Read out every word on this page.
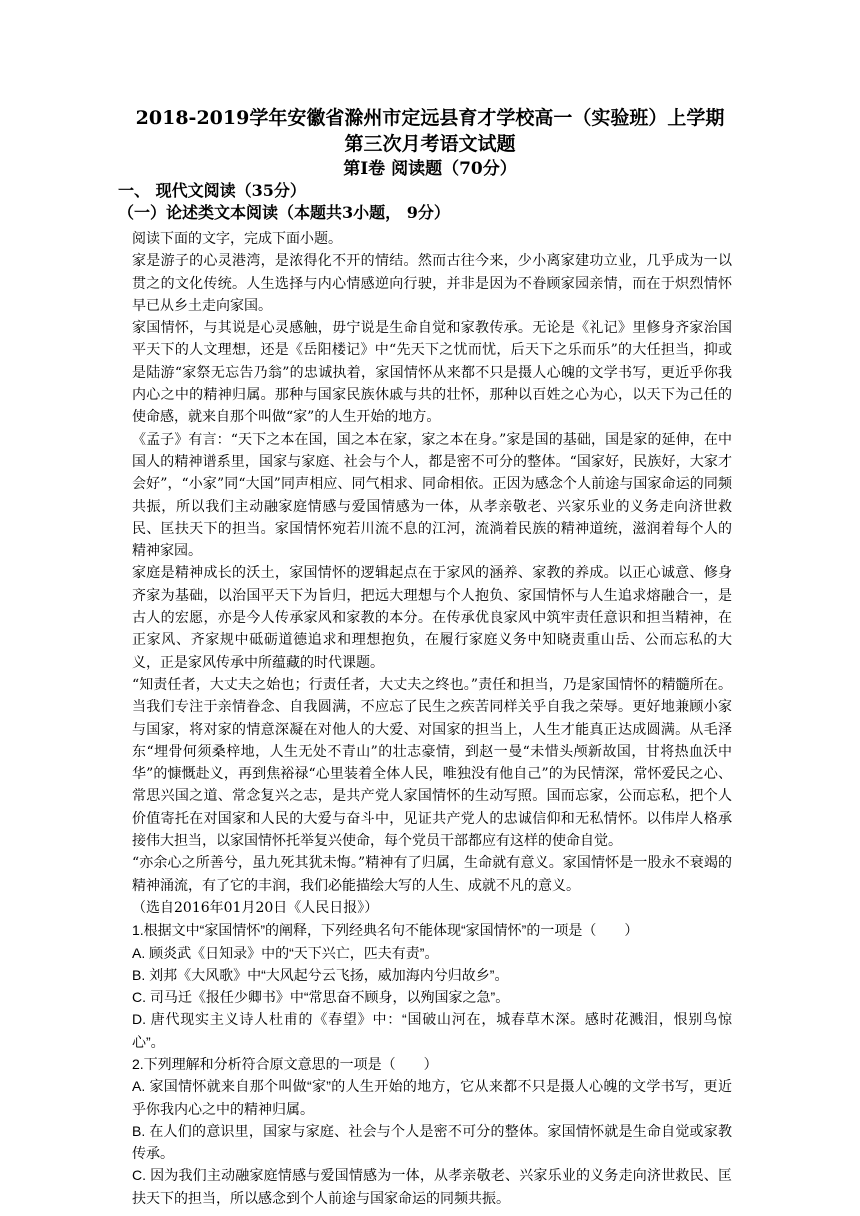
2018-2019学年安徽省滁州市定远县育才学校高一（实验班）上学期
第三次月考语文试题
第Ⅰ卷 阅读题（70分）
一、 现代文阅读（35分）
（一）论述类文本阅读（本题共3小题， 9分）

阅读下面的文字，完成下面小题。

家是游子的心灵港湾，是浓得化不开的情结。然而古往今来，少小离家建功立业，几乎成为一以贯之的文化传统。人生选择与内心情感逆向行驶，并非是因为不眷顾家园亲情，而在于炽烈情怀早已从乡土走向家国。

家国情怀，与其说是心灵感触，毋宁说是生命自觉和家教传承。无论是《礼记》里修身齐家治国平天下的人文理想，还是《岳阳楼记》中“先天下之忧而忧，后天下之乐而乐”的大任担当，抑或是陆游“家祭无忘告乃翁”的忠诚执着，家国情怀从来都不只是摄人心魄的文学书写，更近乎你我内心之中的精神归属。那种与国家民族休戚与共的壮怀，那种以百姓之心为心，以天下为己任的使命感，就来自那个叫做“家”的人生开始的地方。

《孟子》有言：“天下之本在国，国之本在家，家之本在身。”家是国的基础，国是家的延伸，在中国人的精神谱系里，国家与家庭、社会与个人，都是密不可分的整体。“国家好，民族好，大家才会好”，“小家”同“大国”同声相应、同气相求、同命相依。正因为感念个人前途与国家命运的同频共振，所以我们主动融家庭情感与爱国情感为一体，从孝亲敬老、兴家乐业的义务走向济世救民、匡扶天下的担当。家国情怀宛若川流不息的江河，流淌着民族的精神道统，滋润着每个人的精神家园。

家庭是精神成长的沃土，家国情怀的逻辑起点在于家风的涵养、家教的养成。以正心诚意、修身齐家为基础，以治国平天下为旨归，把远大理想与个人抱负、家国情怀与人生追求熔融合一，是古人的宏愿，亦是今人传承家风和家教的本分。在传承优良家风中筑牢责任意识和担当精神，在正家风、齐家规中砥砺道德追求和理想抱负，在履行家庭义务中知晓责重山岳、公而忘私的大义，正是家风传承中所蕴藏的时代课题。

“知责任者，大丈夫之始也；行责任者，大丈夫之终也。”责任和担当，乃是家国情怀的精髓所在。当我们专注于亲情眷念、自我圆满，不应忘了民生之疾苦同样关乎自我之荣辱。更好地兼顾小家与国家，将对家的情意深凝在对他人的大爱、对国家的担当上，人生才能真正达成圆满。从毛泽东“埋骨何须桑梓地，人生无处不青山”的壮志豪情，到赵一曼“未惜头颅新故国，甘将热血沃中华”的慷慨赴义，再到焦裕禄“心里装着全体人民，唯独没有他自己”的为民情深，常怀爱民之心、常思兴国之道、常念复兴之志，是共产党人家国情怀的生动写照。国而忘家，公而忘私，把个人价值寄托在对国家和人民的大爱与奋斗中，见证共产党人的忠诚信仰和无私情怀。以伟岸人格承接伟大担当，以家国情怀托举复兴使命，每个党员干部都应有这样的使命自觉。

“亦余心之所善兮，虽九死其犹未悔。”精神有了归属，生命就有意义。家国情怀是一股永不衰竭的精神涌流，有了它的丰润，我们必能描绘大写的人生、成就不凡的意义。

（选自2016年01月20日《人民日报》）

1.根据文中“家国情怀”的阐释，下列经典名句不能体现“家国情怀”的一项是（　　）

A. 顾炎武《日知录》中的“天下兴亡，匹夫有责”。

B. 刘邦《大风歌》中“大风起兮云飞扬，威加海内兮归故乡”。

C. 司马迁《报任少卿书》中“常思奋不顾身，以殉国家之急”。

D. 唐代现实主义诗人杜甫的《春望》中：“国破山河在，城春草木深。感时花溅泪，恨别鸟惊心”。

2.下列理解和分析符合原文意思的一项是（　　）

A. 家国情怀就来自那个叫做“家”的人生开始的地方，它从来都不只是摄人心魄的文学书写，更近乎你我内心之中的精神归属。

B. 在人们的意识里，国家与家庭、社会与个人是密不可分的整体。家国情怀就是生命自觉或家教传承。

C. 因为我们主动融家庭情感与爱国情感为一体，从孝亲敬老、兴家乐业的义务走向济世救民、匡扶天下的担当，所以感念到个人前途与国家命运的同频共振。
